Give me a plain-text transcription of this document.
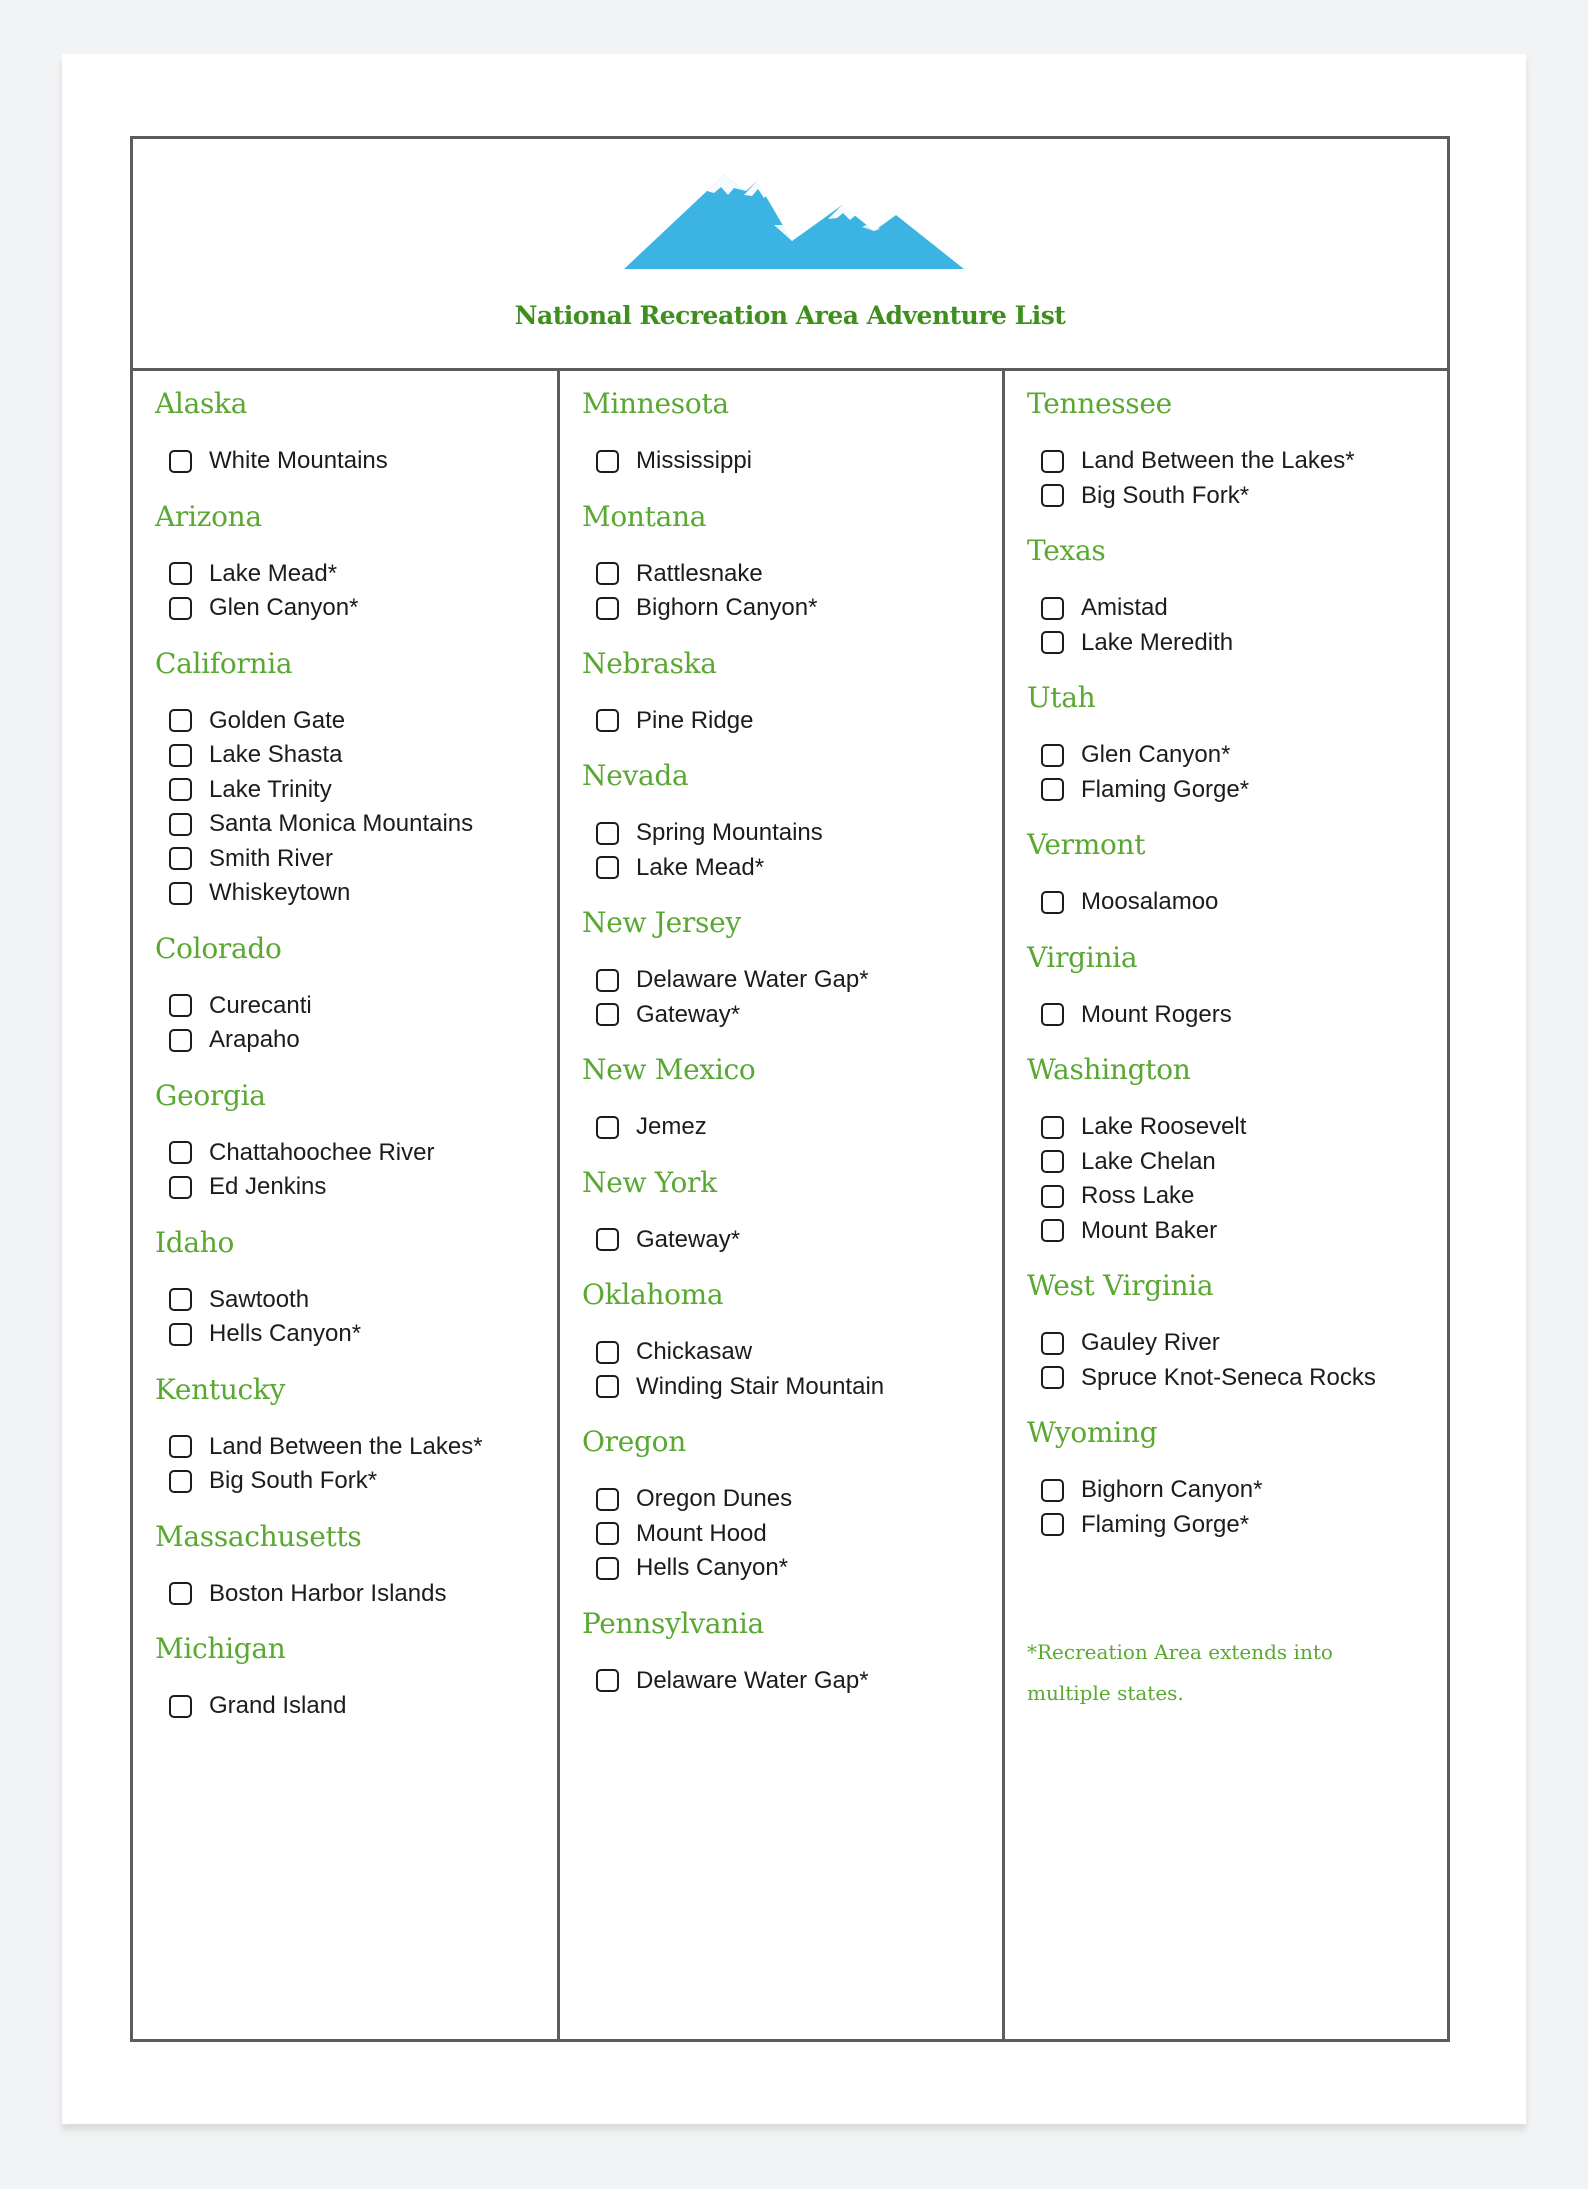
National Recreation Area Adventure List
Alaska
White Mountains
Arizona
Lake Mead*
Glen Canyon*
California
Golden Gate
Lake Shasta
Lake Trinity
Santa Monica Mountains
Smith River
Whiskeytown
Colorado
Curecanti
Arapaho
Georgia
Chattahoochee River
Ed Jenkins
Idaho
Sawtooth
Hells Canyon*
Kentucky
Land Between the Lakes*
Big South Fork*
Massachusetts
Boston Harbor Islands
Michigan
Grand Island
Minnesota
Mississippi
Montana
Rattlesnake
Bighorn Canyon*
Nebraska
Pine Ridge
Nevada
Spring Mountains
Lake Mead*
New Jersey
Delaware Water Gap*
Gateway*
New Mexico
Jemez
New York
Gateway*
Oklahoma
Chickasaw
Winding Stair Mountain
Oregon
Oregon Dunes
Mount Hood
Hells Canyon*
Pennsylvania
Delaware Water Gap*
Tennessee
Land Between the Lakes*
Big South Fork*
Texas
Amistad
Lake Meredith
Utah
Glen Canyon*
Flaming Gorge*
Vermont
Moosalamoo
Virginia
Mount Rogers
Washington
Lake Roosevelt
Lake Chelan
Ross Lake
Mount Baker
West Virginia
Gauley River
Spruce Knot-Seneca Rocks
Wyoming
Bighorn Canyon*
Flaming Gorge*
*Recreation Area extends into multiple states.
